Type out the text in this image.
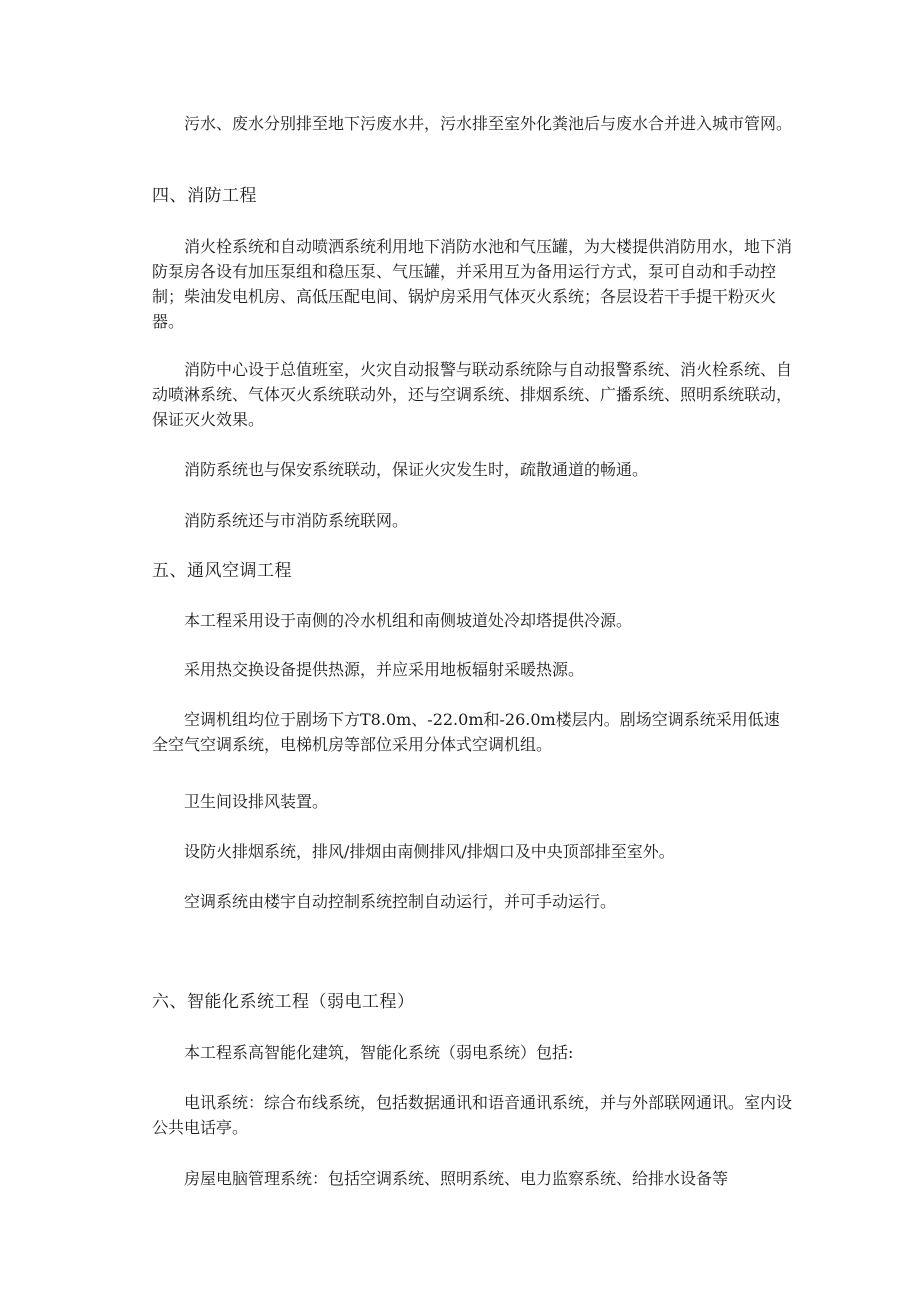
污水、废水分别排至地下污废水井，污水排至室外化粪池后与废水合并进入城市管网。

四、消防工程

消火栓系统和自动喷洒系统利用地下消防水池和气压罐，为大楼提供消防用水，地下消防泵房各设有加压泵组和稳压泵、气压罐，并采用互为备用运行方式，泵可自动和手动控制；柴油发电机房、高低压配电间、锅炉房采用气体灭火系统；各层设若干手提干粉灭火器。

消防中心设于总值班室，火灾自动报警与联动系统除与自动报警系统、消火栓系统、自动喷淋系统、气体灭火系统联动外，还与空调系统、排烟系统、广播系统、照明系统联动，保证灭火效果。

消防系统也与保安系统联动，保证火灾发生时，疏散通道的畅通。

消防系统还与市消防系统联网。

五、通风空调工程

本工程采用设于南侧的冷水机组和南侧坡道处冷却塔提供冷源。

采用热交换设备提供热源，并应采用地板辐射采暖热源。

空调机组均位于剧场下方T8.0m、-22.0m和-26.0m楼层内。剧场空调系统采用低速全空气空调系统，电梯机房等部位采用分体式空调机组。

卫生间设排风装置。

设防火排烟系统，排风/排烟由南侧排风/排烟口及中央顶部排至室外。

空调系统由楼宇自动控制系统控制自动运行，并可手动运行。

六、智能化系统工程（弱电工程）

本工程系高智能化建筑，智能化系统（弱电系统）包括:

电讯系统：综合布线系统，包括数据通讯和语音通讯系统，并与外部联网通讯。室内设公共电话亭。

房屋电脑管理系统：包括空调系统、照明系统、电力监察系统、给排水设备等
